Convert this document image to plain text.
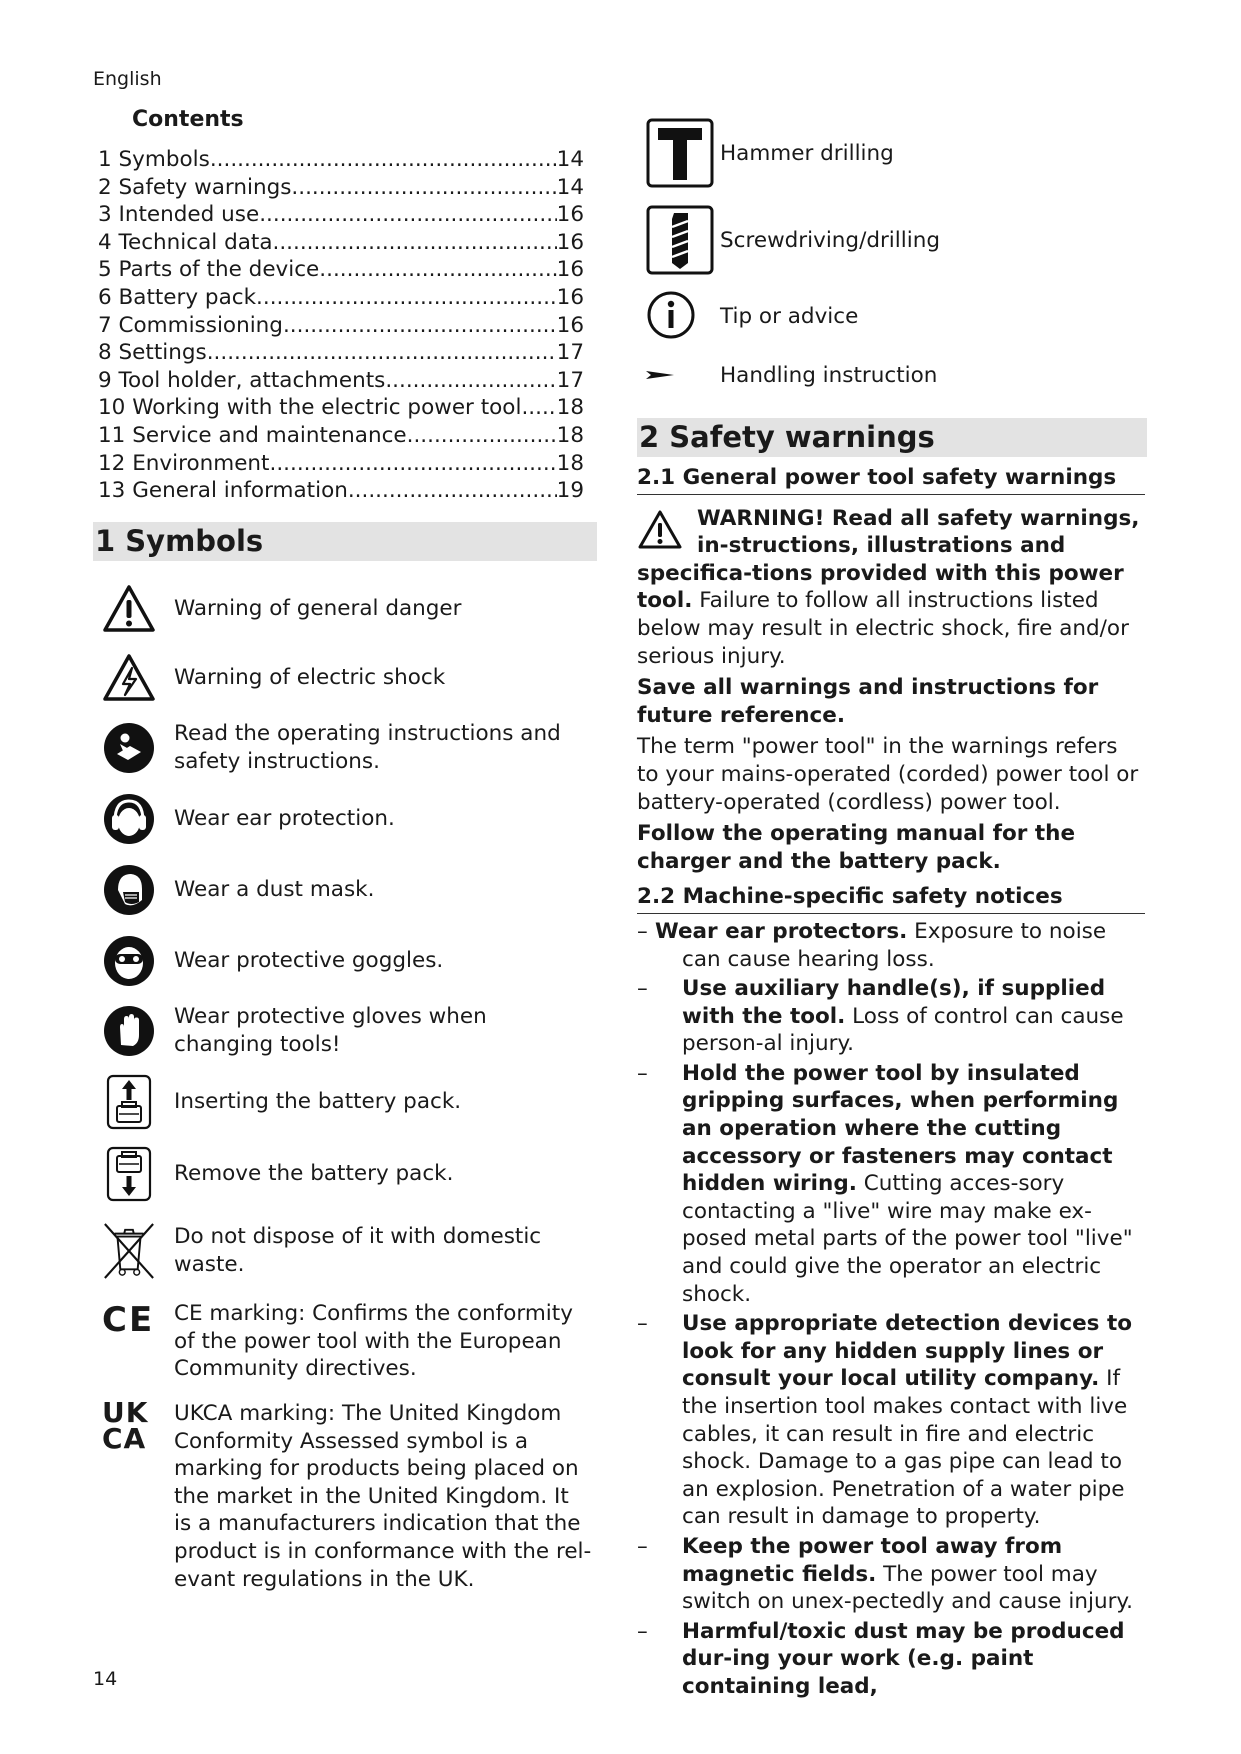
English
Contents
1 Symbols .....	14
2 Safety warnings .....	14
3 Intended use .....	16
4 Technical data .....	16
5 Parts of the device .....	16
6 Battery pack .....	16
7 Commissioning .....	16
8 Settings .....	17
9 Tool holder, attachments .....	17
10 Working with the electric power tool ..... 18
11 Service and maintenance .....	18
12 Environment .....	18
13 General information .....	19
1 Symbols
Warning of general danger
Warning of electric shock
Read the operating instructions and safety instructions.
Wear ear protection.
Wear a dust mask.
Wear protective goggles.
Wear protective gloves when changing tools!
Inserting the battery pack.
Remove the battery pack.
Do not dispose of it with domestic waste.
CE CE marking: Confirms the conformity of the power tool with the European Community directives.
UK
CA
UKCA marking: The United Kingdom Conformity Assessed symbol is a marking for products being placed on the market in the United Kingdom. It is a manufacturers indication that the product is in conformance with the rel-evant regulations in the UK.
Hammer drilling
Screwdriving/drilling
Tip or advice
Handling instruction
2 Safety warnings
2.1 General power tool safety warnings
WARNING! Read all safety warnings, in-structions, illustrations and specifica-tions provided with this power tool. Failure to follow all instructions listed below may result in electric shock, fire and/or serious injury.
Save all warnings and instructions for future reference.
The term "power tool" in the warnings refers to your mains-operated (corded) power tool or battery-operated (cordless) power tool.
Follow the operating manual for the charger and the battery pack.
2.2 Machine-specific safety notices
– Wear ear protectors. Exposure to noise can cause hearing loss.
– Use auxiliary handle(s), if supplied with the tool. Loss of control can cause person-al injury.
– Hold the power tool by insulated gripping surfaces, when performing an operation where the cutting accessory or fasteners may contact hidden wiring. Cutting acces-sory contacting a "live" wire may make ex-posed metal parts of the power tool "live" and could give the operator an electric shock.
– Use appropriate detection devices to look for any hidden supply lines or consult your local utility company. If the insertion tool makes contact with live cables, it can result in fire and electric shock. Damage to a gas pipe can lead to an explosion. Penetration of a water pipe can result in damage to property.
– Keep the power tool away from magnetic fields. The power tool may switch on unex-pectedly and cause injury.
– Harmful/toxic dust may be produced dur-ing your work (e.g. paint containing lead,
14
